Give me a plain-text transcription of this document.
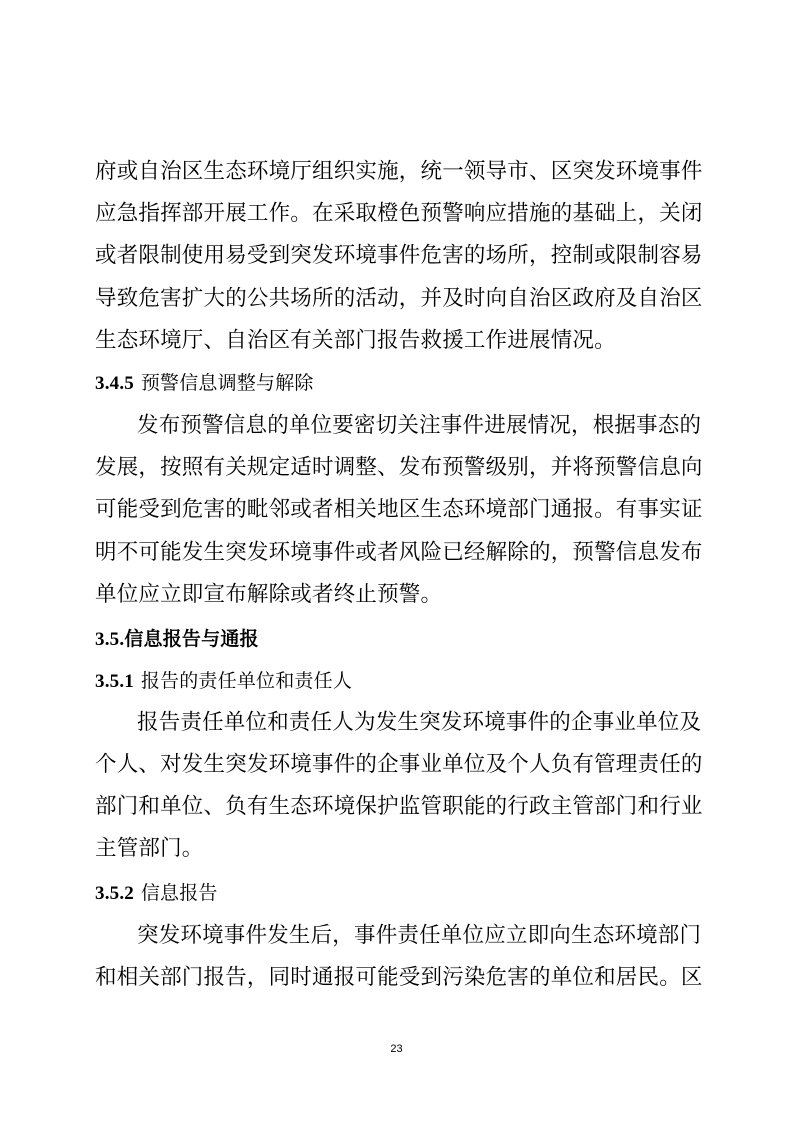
府或自治区生态环境厅组织实施，统一领导市、区突发环境事件
应急指挥部开展工作。在采取橙色预警响应措施的基础上，关闭
或者限制使用易受到突发环境事件危害的场所，控制或限制容易
导致危害扩大的公共场所的活动，并及时向自治区政府及自治区
生态环境厅、自治区有关部门报告救援工作进展情况。
3.4.5 预警信息调整与解除
发布预警信息的单位要密切关注事件进展情况，根据事态的
发展，按照有关规定适时调整、发布预警级别，并将预警信息向
可能受到危害的毗邻或者相关地区生态环境部门通报。有事实证
明不可能发生突发环境事件或者风险已经解除的，预警信息发布
单位应立即宣布解除或者终止预警。
3.5.信息报告与通报
3.5.1 报告的责任单位和责任人
报告责任单位和责任人为发生突发环境事件的企事业单位及
个人、对发生突发环境事件的企事业单位及个人负有管理责任的
部门和单位、负有生态环境保护监管职能的行政主管部门和行业
主管部门。
3.5.2 信息报告
突发环境事件发生后，事件责任单位应立即向生态环境部门
和相关部门报告，同时通报可能受到污染危害的单位和居民。区
23
